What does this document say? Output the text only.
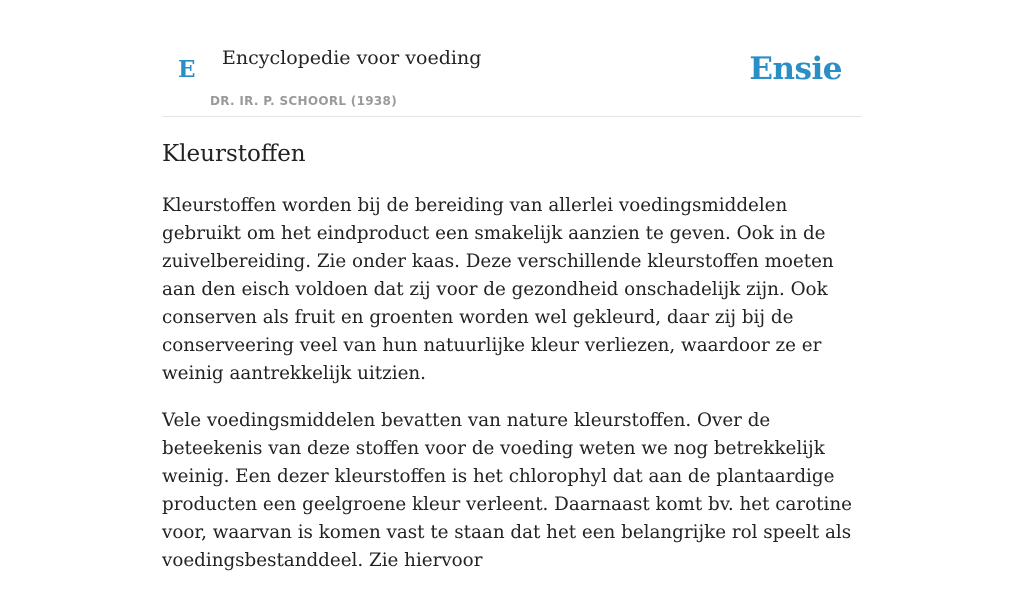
E Encyclopedie voor voeding
DR. IR. P. SCHOORL (1938)
Ensie
Kleurstoffen

Kleurstoffen worden bij de bereiding van allerlei voedingsmiddelen gebruikt om het eindproduct een smakelijk aanzien te geven. Ook in de zuivelbereiding. Zie onder kaas. Deze verschillende kleurstoffen moeten aan den eisch voldoen dat zij voor de gezondheid onschadelijk zijn. Ook conserven als fruit en groenten worden wel gekleurd, daar zij bij de conserveering veel van hun natuurlijke kleur verliezen, waardoor ze er weinig aantrekkelijk uitzien.

Vele voedingsmiddelen bevatten van nature kleurstoffen. Over de beteekenis van deze stoffen voor de voeding weten we nog betrekkelijk weinig. Een dezer kleurstoffen is het chlorophyl dat aan de plantaardige producten een geelgroene kleur verleent. Daarnaast komt bv. het carotine voor, waarvan is komen vast te staan dat het een belangrijke rol speelt als voedingsbestanddeel. Zie hiervoor
